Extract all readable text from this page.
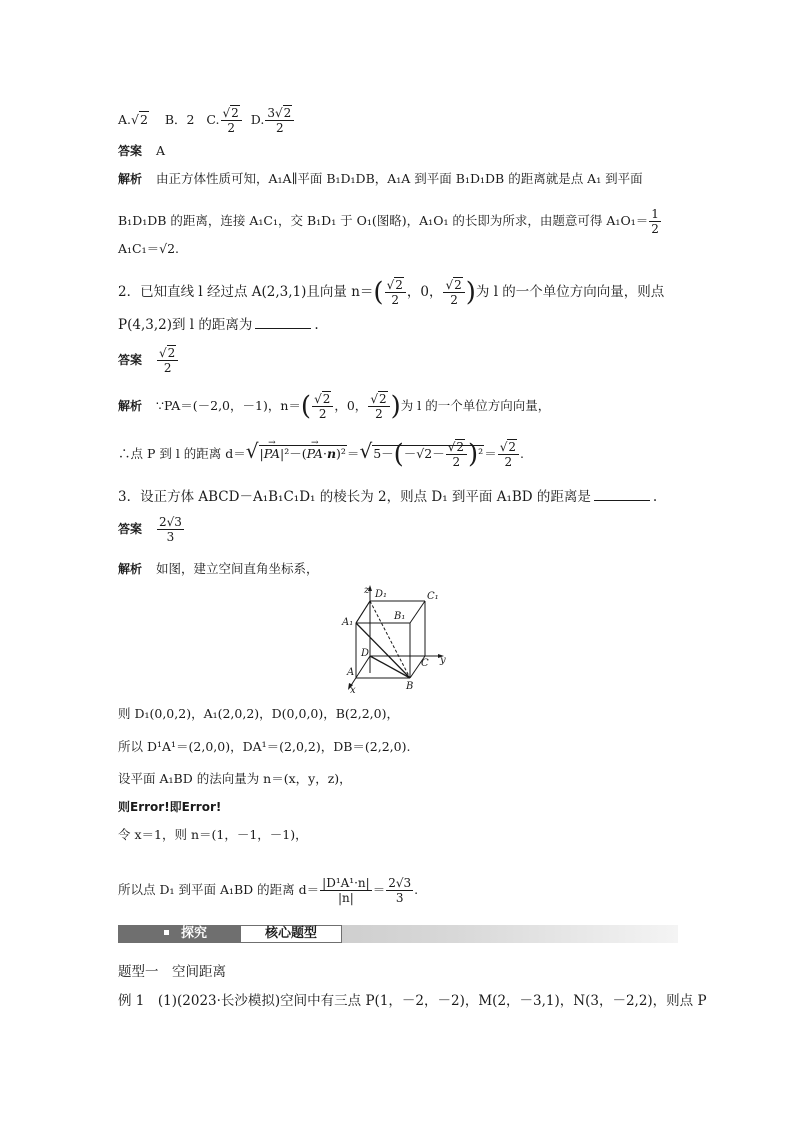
A. √ 2 B．2 C. √ $\frac{2}{2} D$. $\frac{3 √ 2}{2}$
答案 A
解析 由正方体性质可知，A₁A∥平面 B₁D₁DB，A₁A 到平面 B₁D₁DB 的距离就是点 A₁ 到平面
B₁D₁DB 的距离，连接 A₁C₁，交 B₁D₁ 于 O₁(图略)，A₁O₁ 的长即为所求，由题意可得 $A_1O_1= \frac{1}{2}$
A₁C₁＝√2.
2．已知直线 l 经过点 A(2,3,1)且向量 n＝( √ $\frac{2}{2}$ ，0， √ $\frac{2}{2}$ )为 l 的一个单位方向向量，则点
P(4,3,2)到 l 的距离为	.
答案 √ $\frac{2}{2}$
解析 ∵PA＝(－2,0，－1)，n＝( √ $\frac{2}{2}$ ，0， √ $\frac{2}{2}$ )为 l 的一个单位方向向量，
∴点 P 到 l 的距离 d＝ √ |→ PA|²－(→ PA·n)²＝ √ 5－(－√2－ √ $\frac{2}{2} )^2=$ √ $\frac{2}{2}$ .
3．设正方体 ABCD－A₁B₁C₁D₁ 的棱长为 2，则点 D₁ 到平面 A₁BD 的距离是	.
答案 $\frac{2√3}{3}$
解析 如图，建立空间直角坐标系，
z D₁	C₁
B₁
A₁
D
C y
A
B
x
则 D₁(0,0,2)，A₁(2,0,2)，D(0,0,0)，B(2,2,0)，
所以 D¹A¹＝(2,0,0)，DA¹＝(2,0,2)，DB＝(2,2,0).
设平面 A₁BD 的法向量为 n＝(x，y，z)，
则Error!即Error!
令 x＝1，则 n＝(1，－1，－1)，
所以点 D₁ 到平面 A₁BD 的距离 $d= \frac{\text{|D¹A¹·n|}}{|n|} = \frac{2√3}{3}$ .
探究	核心题型
题型一　空间距离
例 1　(1)(2023·长沙模拟)空间中有三点 P(1，－2，－2)，M(2，－3,1)，N(3，－2,2)，则点 P
